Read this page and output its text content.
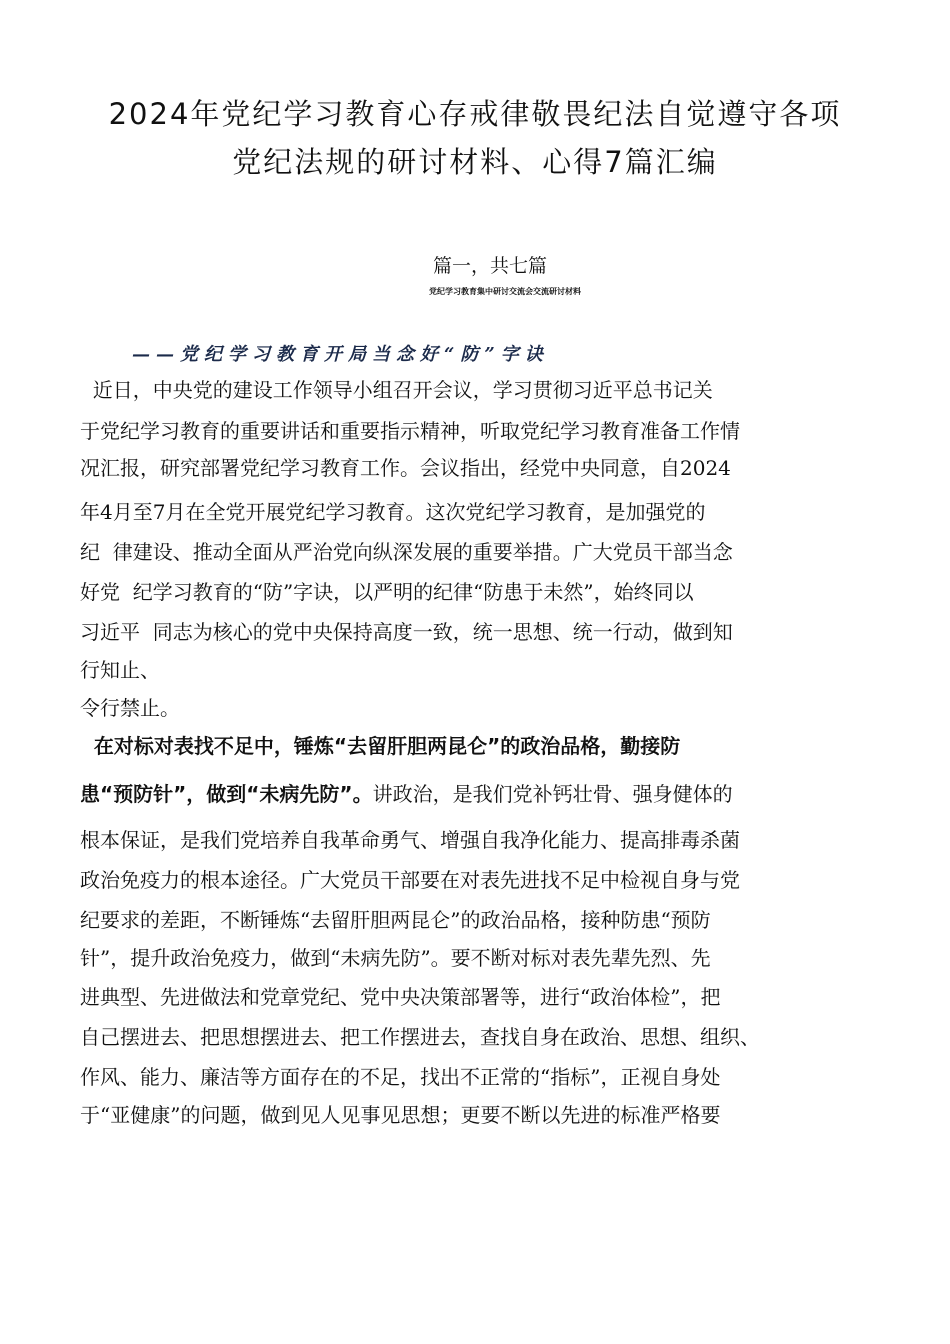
2024年党纪学习教育心存戒律敬畏纪法自觉遵守各项
党纪法规的研讨材料、心得7篇汇编
篇一，共七篇
党纪学习教育集中研讨交流会交流研讨材料
——党纪学习教育开局当念好“防”字诀
近日，中央党的建设工作领导小组召开会议，学习贯彻习近平总书记关
于党纪学习教育的重要讲话和重要指示精神，听取党纪学习教育准备工作情
况汇报，研究部署党纪学习教育工作。会议指出，经党中央同意，自2024
年4月至7月在全党开展党纪学习教育。这次党纪学习教育，是加强党的
纪  律建设、推动全面从严治党向纵深发展的重要举措。广大党员干部当念
好党  纪学习教育的“防”字诀，以严明的纪律“防患于未然”，始终同以
习近平  同志为核心的党中央保持高度一致，统一思想、统一行动，做到知
行知止、
令行禁止。
在对标对表找不足中，锤炼“去留肝胆两昆仑”的政治品格，勤接防
患“预防针”，做到“未病先防”。讲政治，是我们党补钙壮骨、强身健体的
根本保证，是我们党培养自我革命勇气、增强自我净化能力、提高排毒杀菌
政治免疫力的根本途径。广大党员干部要在对表先进找不足中检视自身与党
纪要求的差距，不断锤炼“去留肝胆两昆仑”的政治品格，接种防患“预防
针”，提升政治免疫力，做到“未病先防”。要不断对标对表先辈先烈、先
进典型、先进做法和党章党纪、党中央决策部署等，进行“政治体检”，把
自己摆进去、把思想摆进去、把工作摆进去，查找自身在政治、思想、组织、
作风、能力、廉洁等方面存在的不足，找出不正常的“指标”，正视自身处
于“亚健康”的问题，做到见人见事见思想；更要不断以先进的标准严格要
